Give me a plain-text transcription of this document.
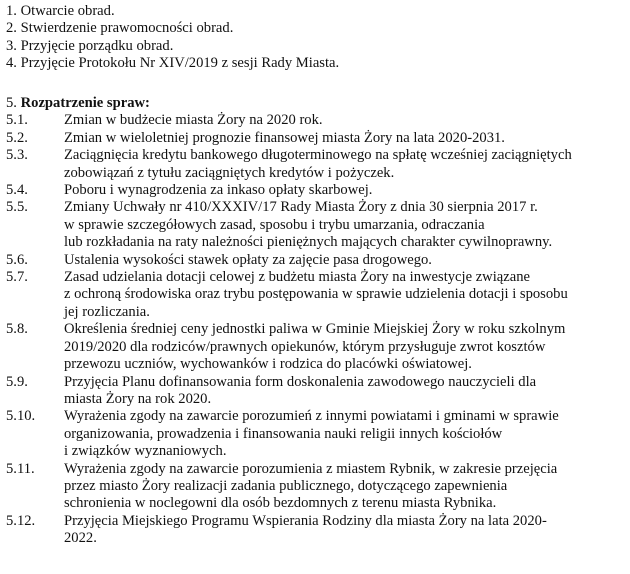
1. Otwarcie obrad.
2. Stwierdzenie prawomocności obrad.
3. Przyjęcie porządku obrad.
4. Przyjęcie Protokołu Nr XIV/2019 z sesji Rady Miasta.
5. Rozpatrzenie spraw:
5.1.	Zmian w budżecie miasta Żory na 2020 rok.
5.2.	Zmian w wieloletniej prognozie finansowej miasta Żory na lata 2020-2031.
5.3.	Zaciągnięcia kredytu bankowego długoterminowego na spłatę wcześniej zaciągniętych
zobowiązań z tytułu zaciągniętych kredytów i pożyczek.
5.4.	Poboru i wynagrodzenia za inkaso opłaty skarbowej.
5.5.	Zmiany Uchwały nr 410/XXXIV/17 Rady Miasta Żory z dnia 30 sierpnia 2017 r.
w sprawie szczegółowych zasad, sposobu i trybu umarzania, odraczania
lub rozkładania na raty należności pieniężnych mających charakter cywilnoprawny.
5.6.	Ustalenia wysokości stawek opłaty za zajęcie pasa drogowego.
5.7.	Zasad udzielania dotacji celowej z budżetu miasta Żory na inwestycje związane
z ochroną środowiska oraz trybu postępowania w sprawie udzielenia dotacji i sposobu
jej rozliczania.
5.8.	Określenia średniej ceny jednostki paliwa w Gminie Miejskiej Żory w roku szkolnym
2019/2020 dla rodziców/prawnych opiekunów, którym przysługuje zwrot kosztów
przewozu uczniów, wychowanków i rodzica do placówki oświatowej.
5.9.	Przyjęcia Planu dofinansowania form doskonalenia zawodowego nauczycieli dla
miasta Żory na rok 2020.
5.10.	Wyrażenia zgody na zawarcie porozumień z innymi powiatami i gminami w sprawie
organizowania, prowadzenia i finansowania nauki religii innych kościołów
i związków wyznaniowych.
5.11.	Wyrażenia zgody na zawarcie porozumienia z miastem Rybnik, w zakresie przejęcia
przez miasto Żory realizacji zadania publicznego, dotyczącego zapewnienia
schronienia w noclegowni dla osób bezdomnych z terenu miasta Rybnika.
5.12.	Przyjęcia Miejskiego Programu Wspierania Rodziny dla miasta Żory na lata 2020-
2022.
